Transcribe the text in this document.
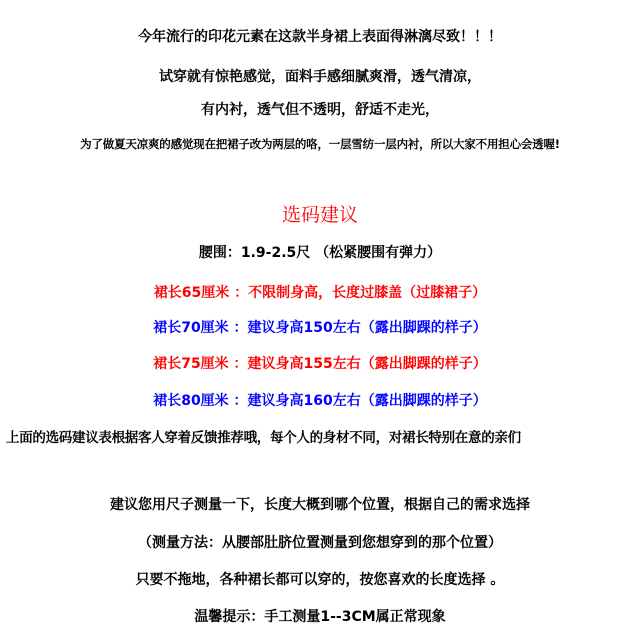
今年流行的印花元素在这款半身裙上表面得淋漓尽致！！！
试穿就有惊艳感觉，面料手感细腻爽滑，透气清凉，
有内衬，透气但不透明，舒适不走光，
为了做夏天凉爽的感觉现在把裙子改为两层的咯，一层雪纺一层内衬，所以大家不用担心会透喔!
选码建议
腰围：1.9-2.5尺 （松紧腰围有弹力）
裙长65厘米 ：不限制身高，长度过膝盖（过膝裙子）
裙长70厘米 ：建议身高150左右（露出脚踝的样子）
裙长75厘米 ：建议身高155左右（露出脚踝的样子）
裙长80厘米 ：建议身高160左右（露出脚踝的样子）
上面的选码建议表根据客人穿着反馈推荐哦，每个人的身材不同，对裙长特别在意的亲们
建议您用尺子测量一下，长度大概到哪个位置，根据自己的需求选择
（测量方法：从腰部肚脐位置测量到您想穿到的那个位置）
只要不拖地，各种裙长都可以穿的，按您喜欢的长度选择 。
温馨提示：手工测量1--3CM属正常现象
